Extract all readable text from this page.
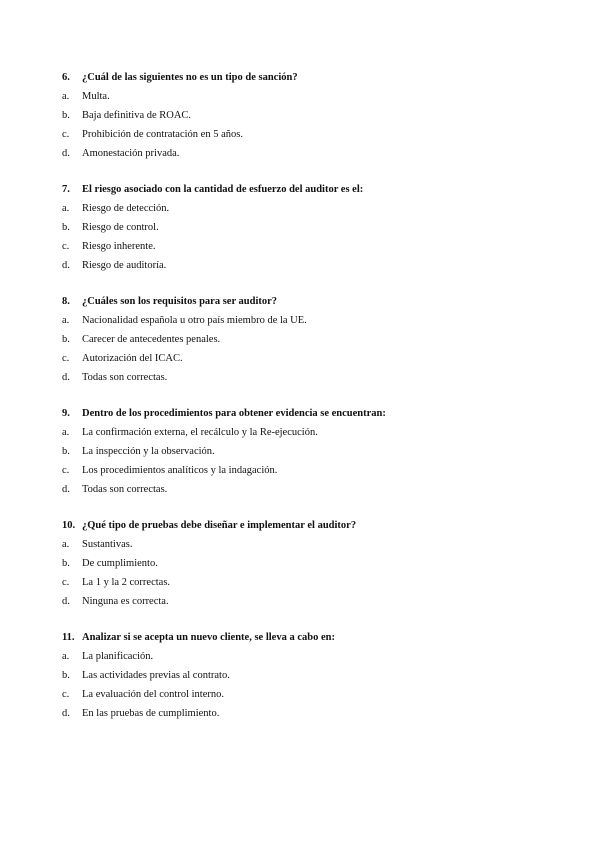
6.	¿Cuál de las siguientes no es un tipo de sanción?
a.	Multa.
b.	Baja definitiva de ROAC.
c.	Prohibición de contratación en 5 años.
d.	Amonestación privada.
7.	El riesgo asociado con la cantidad de esfuerzo del auditor es el:
a.	Riesgo de detección.
b.	Riesgo de control.
c.	Riesgo inherente.
d.	Riesgo de auditoría.
8.	¿Cuáles son los requisitos para ser auditor?
a.	Nacionalidad española u otro país miembro de la UE.
b.	Carecer de antecedentes penales.
c.	Autorización del ICAC.
d.	Todas son correctas.
9.	Dentro de los procedimientos para obtener evidencia se encuentran:
a.	La confirmación externa, el recálculo y la Re-ejecución.
b.	La inspección y la observación.
c.	Los procedimientos analíticos y la indagación.
d.	Todas son correctas.
10. ¿Qué tipo de pruebas debe diseñar e implementar el auditor?
a.	Sustantivas.
b.	De cumplimiento.
c.	La 1 y la 2 correctas.
d.	Ninguna es correcta.
11. Analizar si se acepta un nuevo cliente, se lleva a cabo en:
a.	La planificación.
b.	Las actividades previas al contrato.
c.	La evaluación del control interno.
d.	En las pruebas de cumplimiento.
